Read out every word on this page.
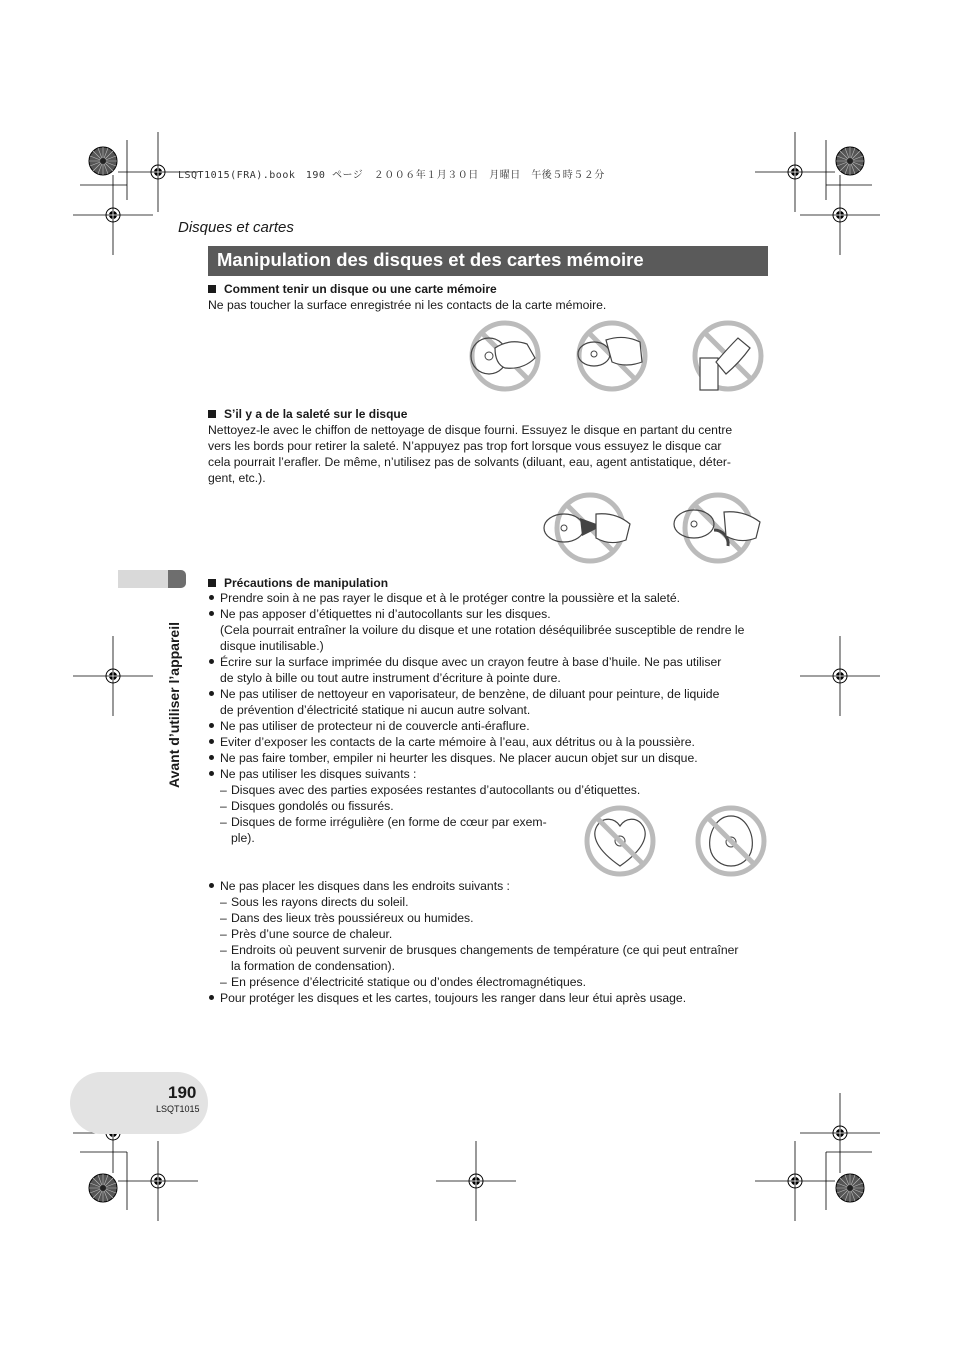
LSQT1015(FRA).book　190 ページ　２００６年１月３０日　月曜日　午後５時５２分
Disques et cartes
Manipulation des disques et des cartes mémoire
Comment tenir un disque ou une carte mémoire
Ne pas toucher la surface enregistrée ni les contacts de la carte mémoire.
S’il y a de la saleté sur le disque
Nettoyez-le avec le chiffon de nettoyage de disque fourni. Essuyez le disque en partant du centre
vers les bords pour retirer la saleté. N’appuyez pas trop fort lorsque vous essuyez le disque car
cela pourrait l’erafler. De même, n’utilisez pas de solvants (diluant, eau, agent antistatique, déter-
gent, etc.).
Avant d’utiliser l’appareil
Précautions de manipulation
Prendre soin à ne pas rayer le disque et à le protéger contre la poussière et la saleté.
Ne pas apposer d’étiquettes ni d’autocollants sur les disques.
(Cela pourrait entraîner la voilure du disque et une rotation déséquilibrée susceptible de rendre le
disque inutilisable.)
Écrire sur la surface imprimée du disque avec un crayon feutre à base d’huile. Ne pas utiliser
de stylo à bille ou tout autre instrument d’écriture à pointe dure.
Ne pas utiliser de nettoyeur en vaporisateur, de benzène, de diluant pour peinture, de liquide
de prévention d’électricité statique ni aucun autre solvant.
Ne pas utiliser de protecteur ni de couvercle anti-éraflure.
Eviter d’exposer les contacts de la carte mémoire à l’eau, aux détritus ou à la poussière.
Ne pas faire tomber, empiler ni heurter les disques. Ne placer aucun objet sur un disque.
Ne pas utiliser les disques suivants :
– Disques avec des parties exposées restantes d’autocollants ou d’étiquettes.
– Disques gondolés ou fissurés.
– Disques de forme irrégulière (en forme de cœur par exem-
ple).
Ne pas placer les disques dans les endroits suivants :
– Sous les rayons directs du soleil.
– Dans des lieux très poussiéreux ou humides.
– Près d’une source de chaleur.
– Endroits où peuvent survenir de brusques changements de température (ce qui peut entraîner
la formation de condensation).
– En présence d’électricité statique ou d’ondes électromagnétiques.
Pour protéger les disques et les cartes, toujours les ranger dans leur étui après usage.
190
LSQT1015
